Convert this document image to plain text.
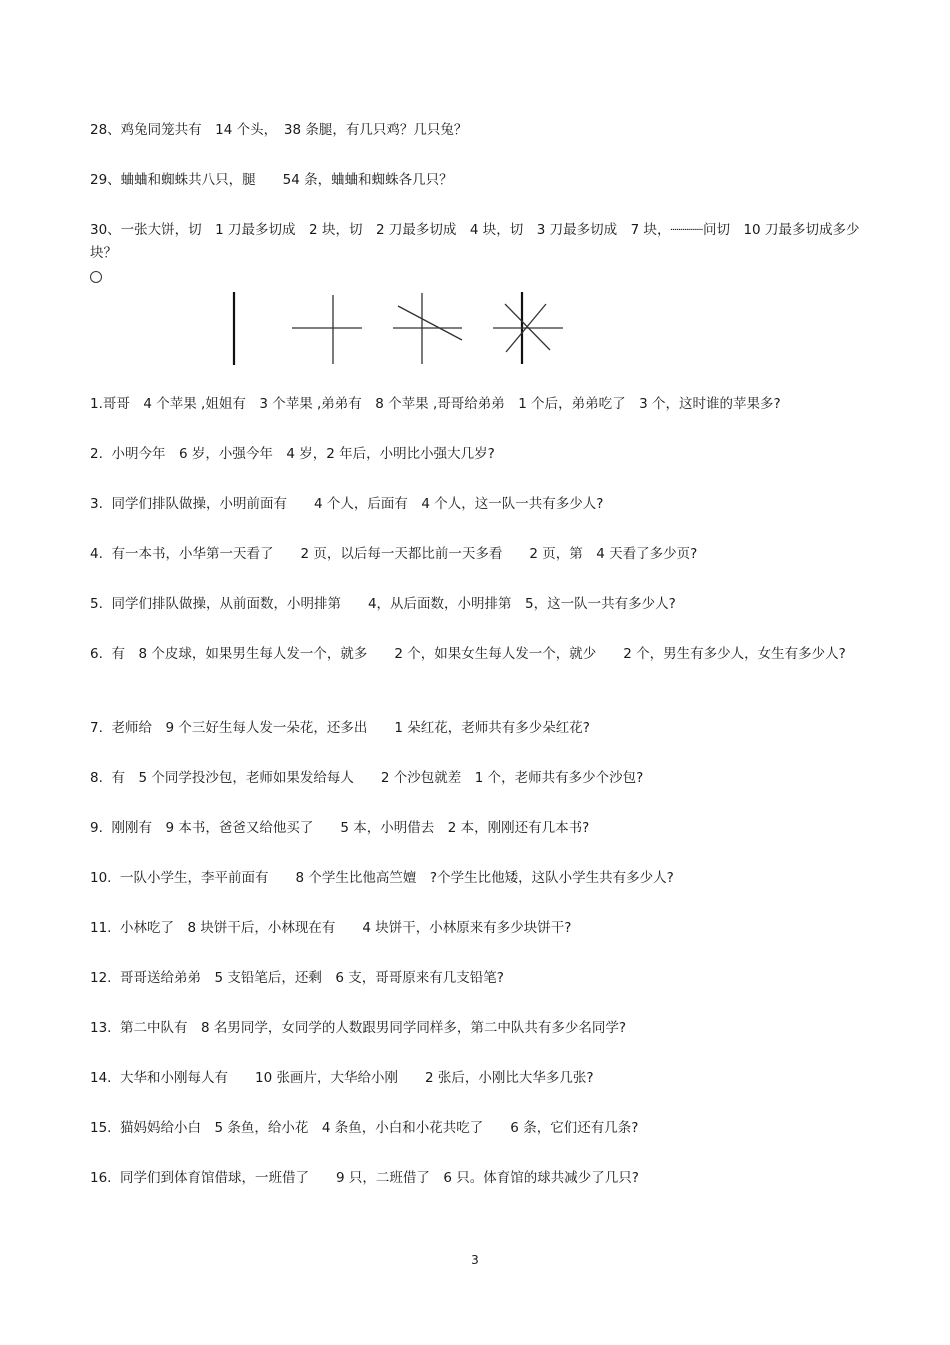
28、鸡兔同笼共有　14 个头，　38 条腿，有几只鸡？几只兔？

29、蛐蛐和蜘蛛共八只，腿　　54 条，蛐蛐和蜘蛛各几只？

30、一张大饼，切　1 刀最多切成　2 块，切　2 刀最多切成　4 块，切　3 刀最多切成　7 块，┈┈┈┈问切　10 刀最多切成多少块？

1.哥哥　4 个苹果 ,姐姐有　3 个苹果 ,弟弟有　8 个苹果 ,哥哥给弟弟　1 个后，弟弟吃了　3 个，这时谁的苹果多?

2.  小明今年　6 岁，小强今年　4 岁，2 年后，小明比小强大几岁?

3.  同学们排队做操，小明前面有　　4 个人，后面有　4 个人，这一队一共有多少人?

4.  有一本书，小华第一天看了　　2 页，以后每一天都比前一天多看　　2 页，第　4 天看了多少页?

5.  同学们排队做操，从前面数，小明排第　　4，从后面数，小明排第　5，这一队一共有多少人?

6.  有　8 个皮球，如果男生每人发一个，就多　　2 个，如果女生每人发一个，就少　　2 个，男生有多少人，女生有多少人?

7.  老师给　9 个三好生每人发一朵花，还多出　　1 朵红花，老师共有多少朵红花?

8.  有　5 个同学投沙包，老师如果发给每人　　2 个沙包就差　1 个，老师共有多少个沙包?

9.  刚刚有　9 本书，爸爸又给他买了　　5 本，小明借去　2 本，刚刚还有几本书?

10.  一队小学生，李平前面有　　8 个学生比他高竺嬗　?个学生比他矮，这队小学生共有多少人?

11.  小林吃了　8 块饼干后，小林现在有　　4 块饼干，小林原来有多少块饼干?

12.  哥哥送给弟弟　5 支铅笔后，还剩　6 支，哥哥原来有几支铅笔?

13.  第二中队有　8 名男同学，女同学的人数跟男同学同样多，第二中队共有多少名同学?

14.  大华和小刚每人有　　10 张画片，大华给小刚　　2 张后，小刚比大华多几张?

15.  猫妈妈给小白　5 条鱼，给小花　4 条鱼，小白和小花共吃了　　6 条，它们还有几条?

16.  同学们到体育馆借球，一班借了　　9 只，二班借了　6 只。体育馆的球共减少了几只?

3
